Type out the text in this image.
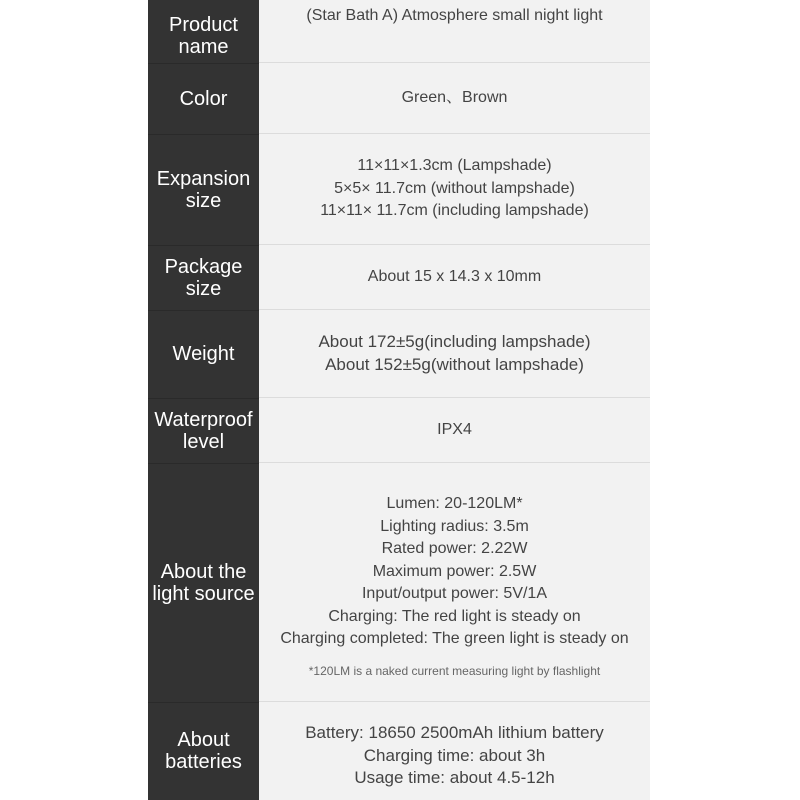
Product
name
(Star Bath A) Atmosphere small night light
Color	Green、Brown
Expansion
size
11×11×1.3cm (Lampshade)
5×5× 11.7cm (without lampshade)
11×11× 11.7cm (including lampshade)
Package
size
About 15 x 14.3 x 10mm
Weight
About 172±5g(including lampshade)
About 152±5g(without lampshade)
Waterproof
level
IPX4
About the
light source
Lumen: 20-120LM*
Lighting radius: 3.5m
Rated power: 2.22W
Maximum power: 2.5W
Input/output power: 5V/1A
Charging: The red light is steady on
Charging completed: The green light is steady on
*120LM is a naked current measuring light by flashlight
About
batteries
Battery: 18650 2500mAh lithium battery
Charging time: about 3h
Usage time: about 4.5-12h
